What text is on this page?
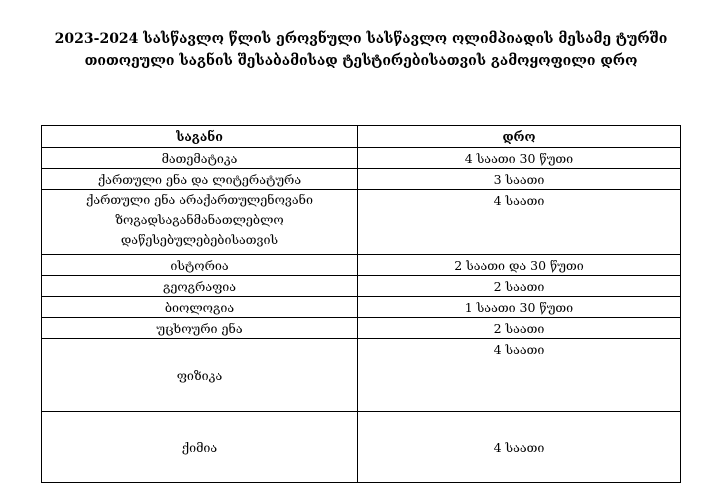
2023-2024 სასწავლო წლის ეროვნული სასწავლო ოლიმპიადის მესამე ტურში
თითოეული საგნის შესაბამისად ტესტირებისათვის გამოყოფილი დრო
საგანი	დრო
მათემატიკა	4 საათი 30 წუთი
ქართული ენა და ლიტერატურა	3 საათი

ქართული ენა არაქართულენოვანი
ზოგადსაგანმანათლებლო
დაწესებულებებისათვის	4 საათი
ისტორია	2 საათი და 30 წუთი
გეოგრაფია	2 საათი
ბიოლოგია	1 საათი 30 წუთი
უცხოური ენა	2 საათი
ფიზიკა	4 საათი
ქიმია	4 საათი
